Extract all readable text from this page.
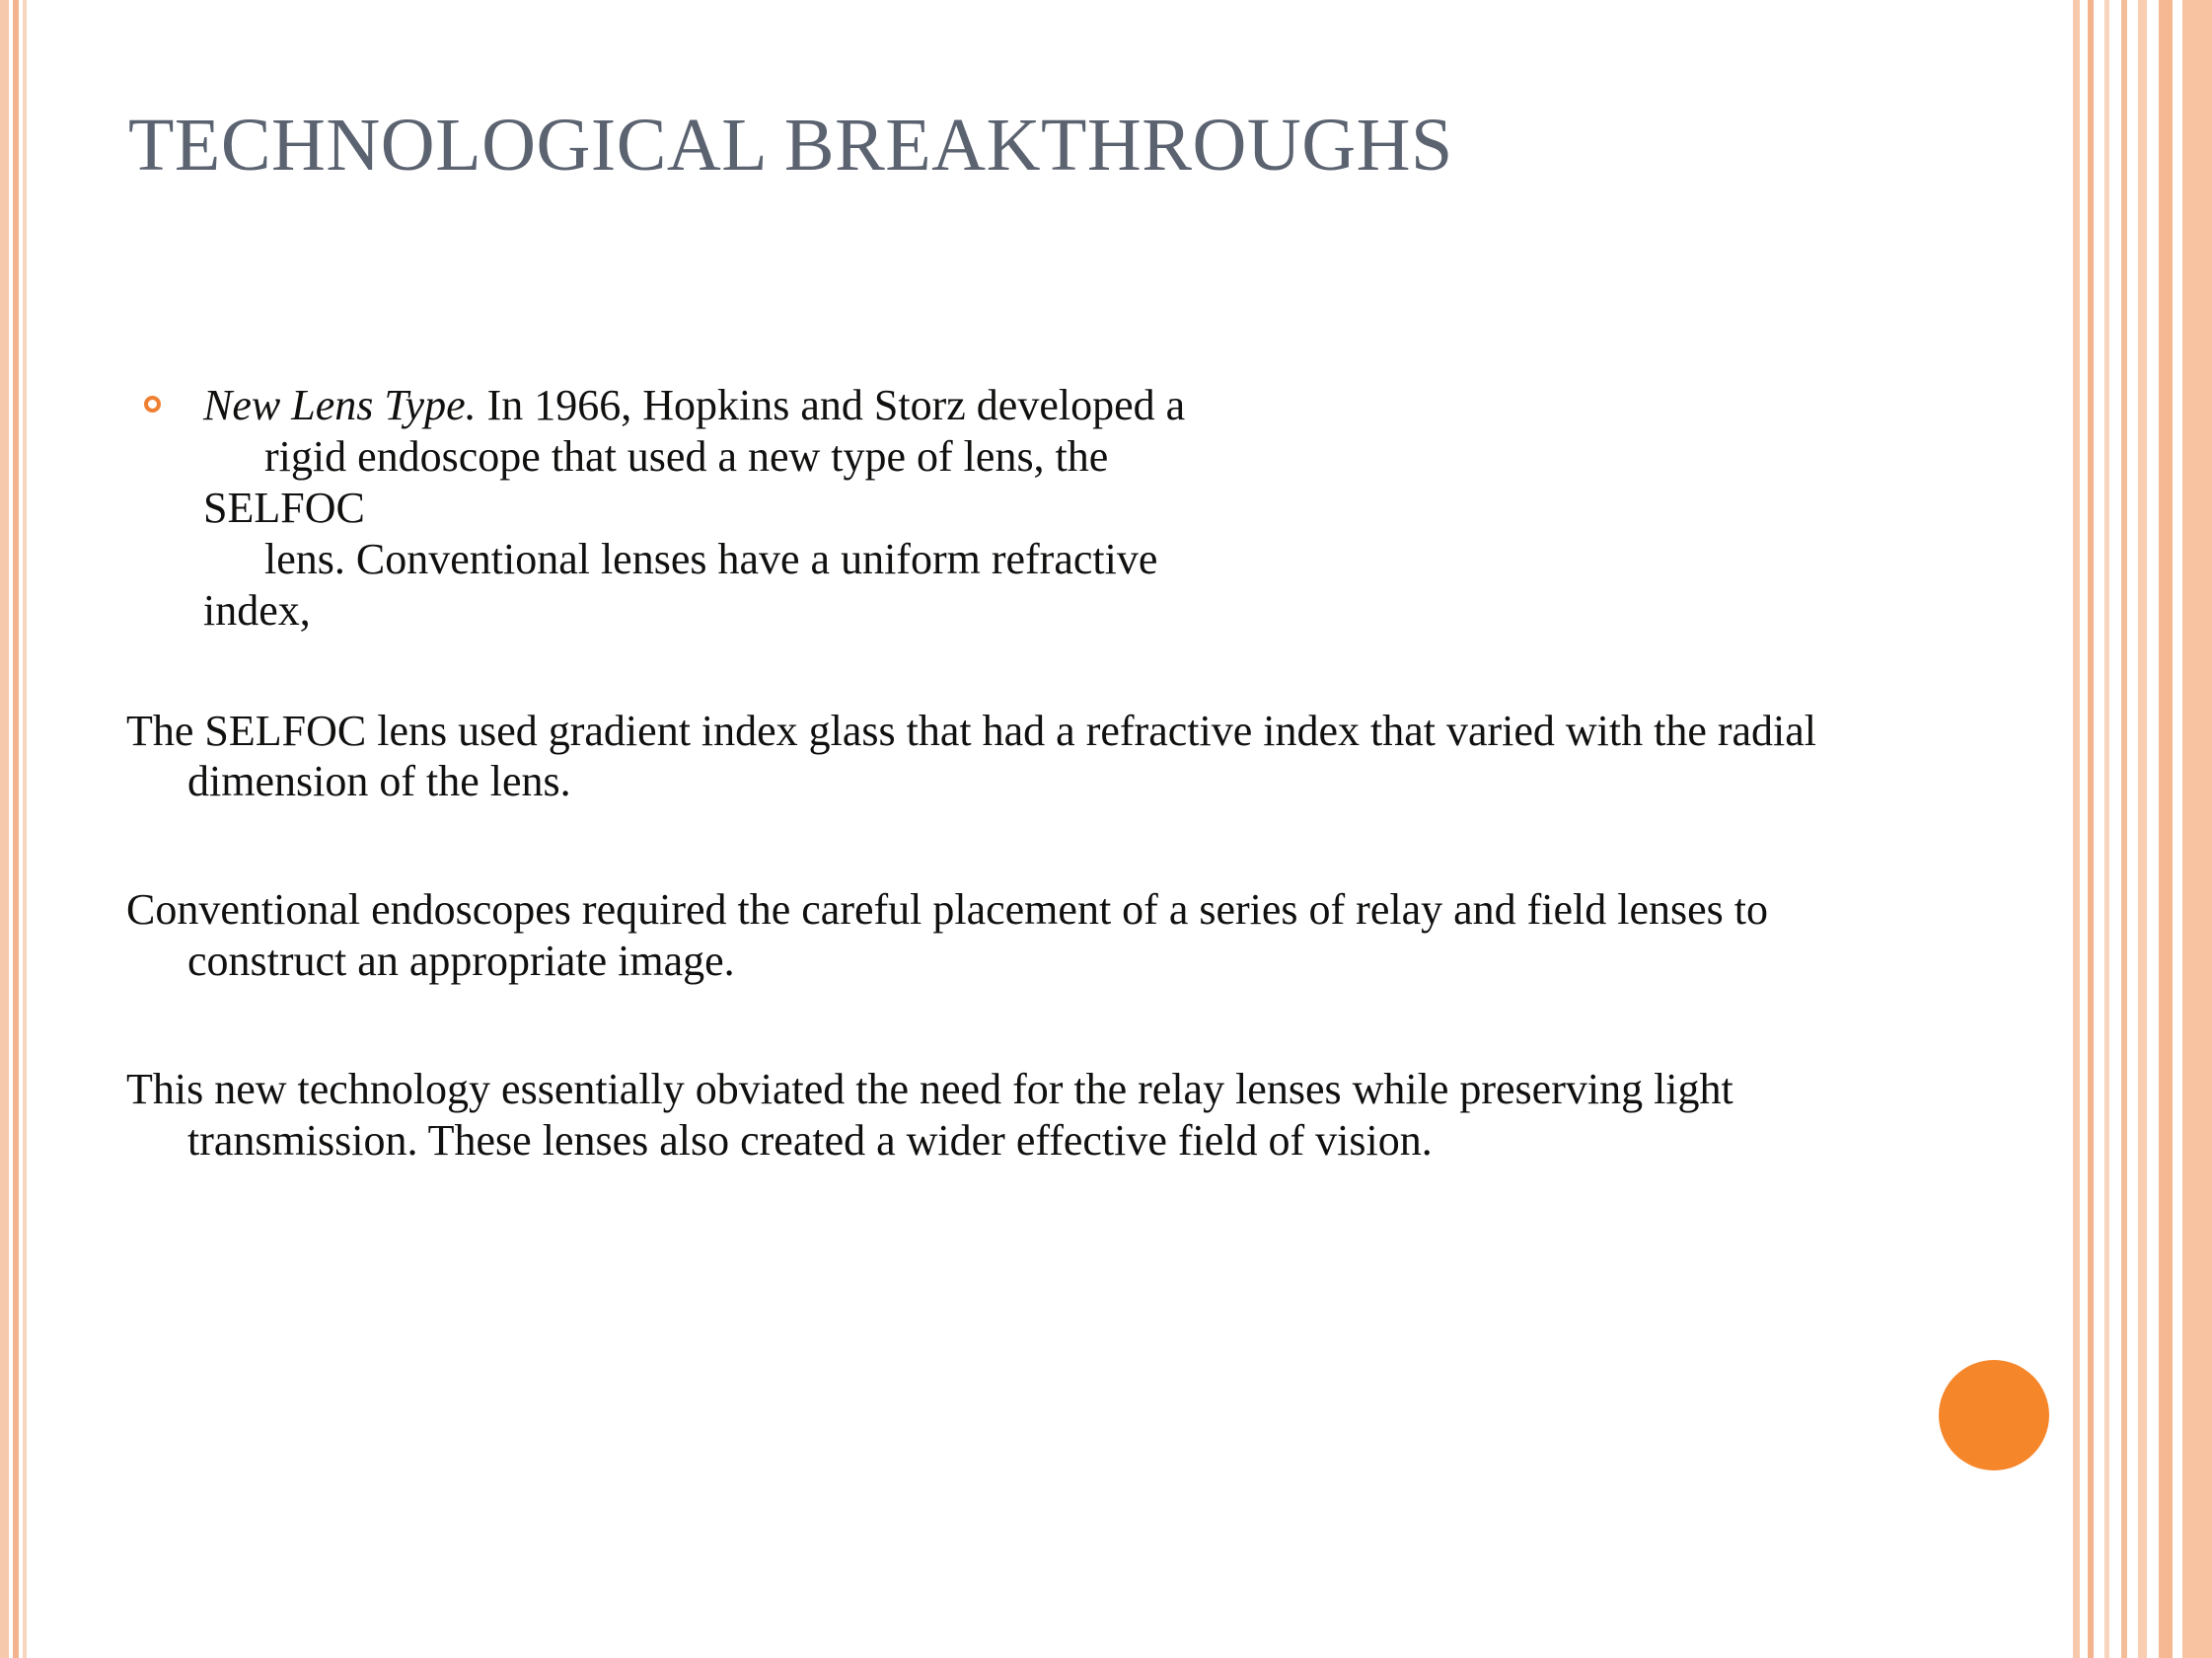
TECHNOLOGICAL BREAKTHROUGHS

New Lens Type. In 1966, Hopkins and Storz developed a
rigid endoscope that used a new type of lens, the
SELFOC
lens. Conventional lenses have a uniform refractive
index,

The SELFOC lens used gradient index glass that had a refractive index that varied with the radial dimension of the lens.

Conventional endoscopes required the careful placement of a series of relay and field lenses to construct an appropriate image.

This new technology essentially obviated the need for the relay lenses while preserving light transmission. These lenses also created a wider effective field of vision.
